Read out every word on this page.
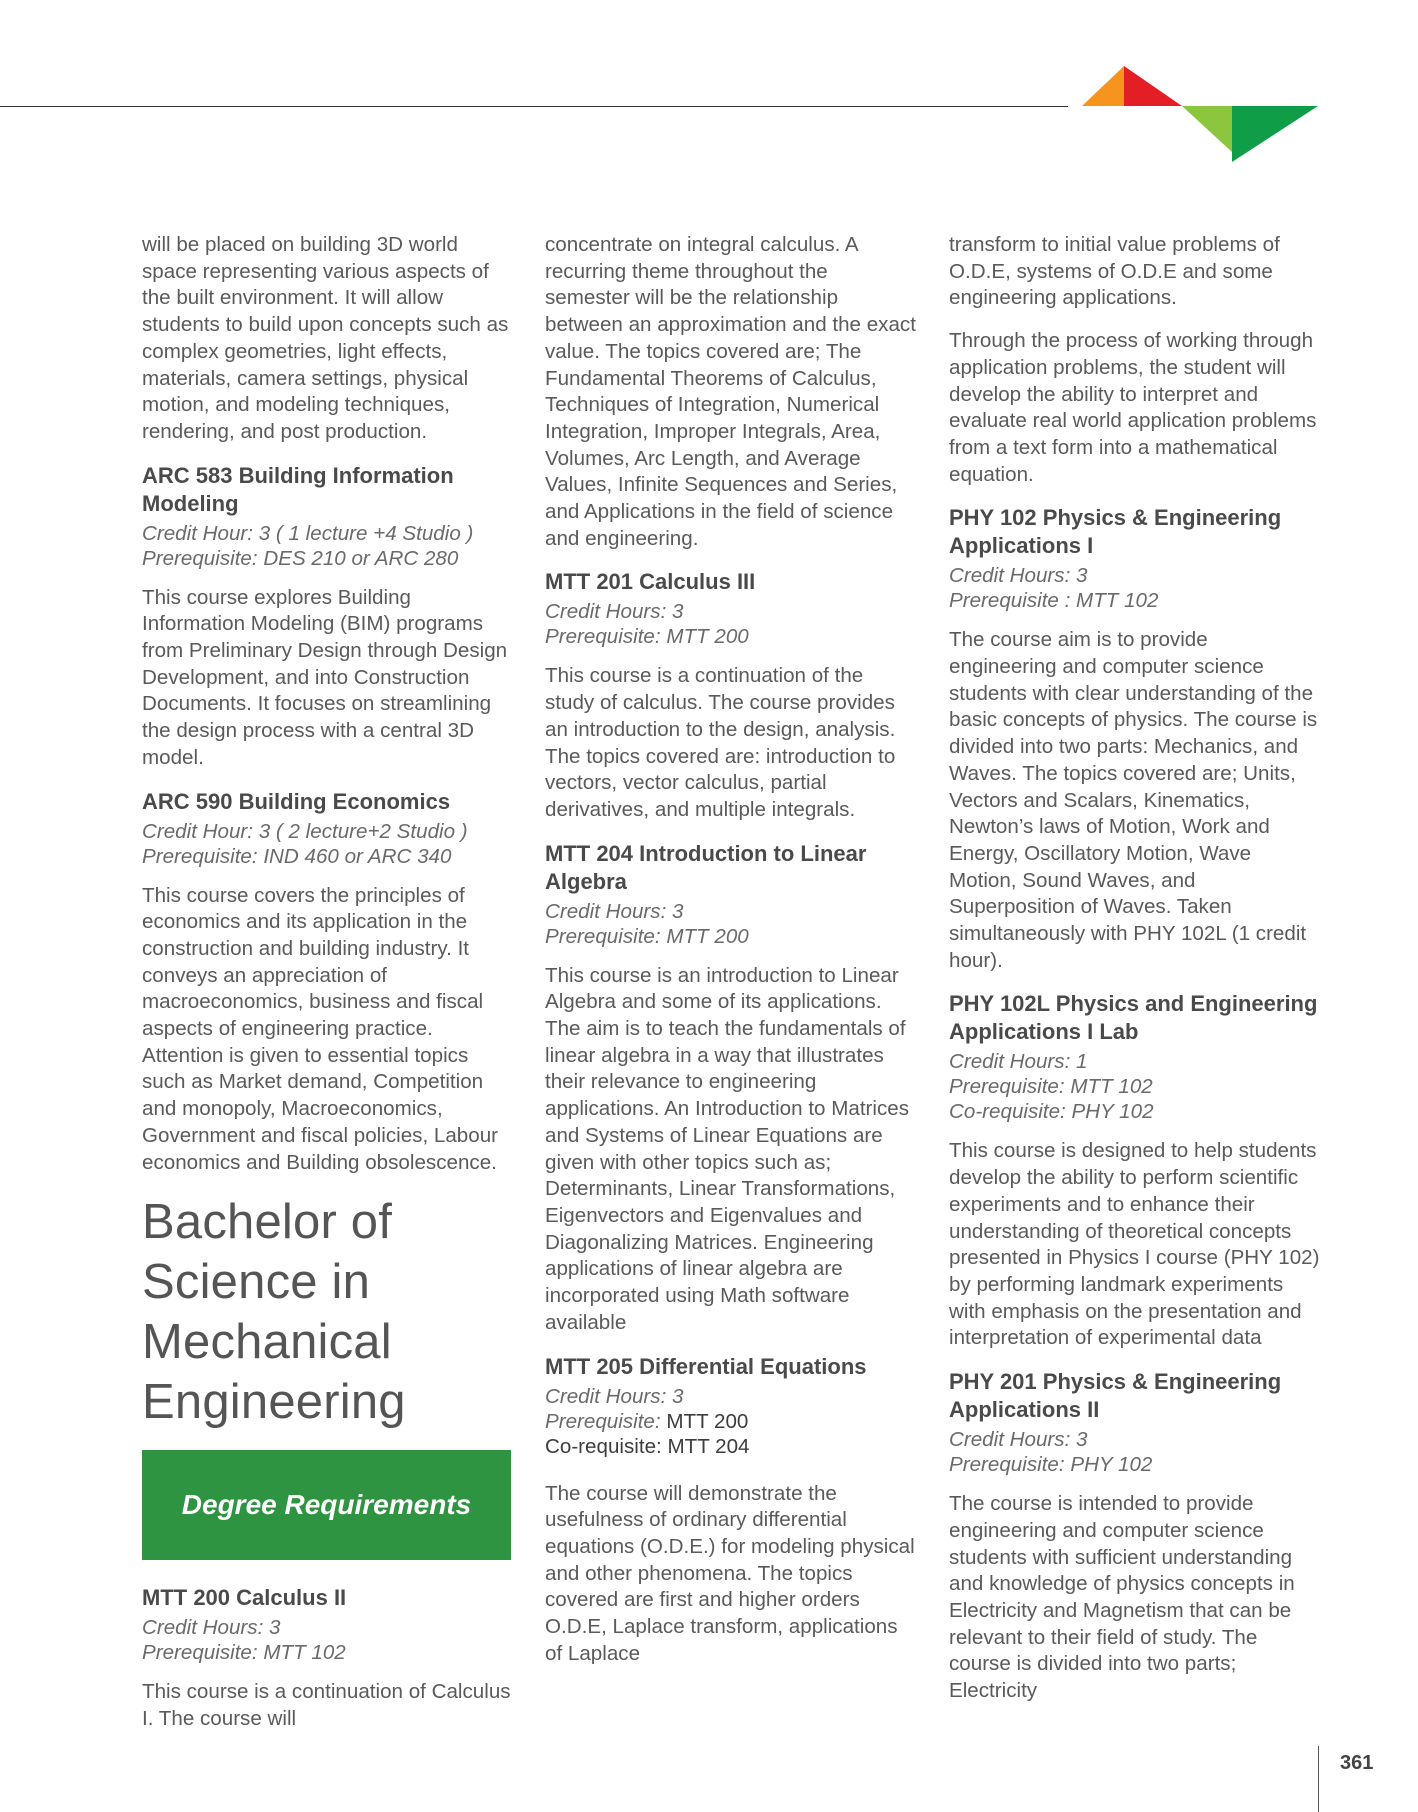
will be placed on building 3D world space representing various aspects of the built environment. It will allow students to build upon concepts such as complex geometries, light effects, materials, camera settings, physical motion, and modeling techniques, rendering, and post production.

ARC 583 Building Information Modeling
Credit Hour: 3 ( 1 lecture +4 Studio )
Prerequisite: DES 210 or ARC 280

This course explores Building Information Modeling (BIM) programs from Preliminary Design through Design Development, and into Construction Documents. It focuses on streamlining the design process with a central 3D model.

ARC 590 Building Economics
Credit Hour: 3 ( 2 lecture+2 Studio )
Prerequisite: IND 460 or ARC 340

This course covers the principles of economics and its application in the construction and building industry. It conveys an appreciation of macroeconomics, business and fiscal aspects of engineering practice. Attention is given to essential topics such as Market demand, Competition and monopoly, Macroeconomics, Government and fiscal policies, Labour economics and Building obsolescence.

Bachelor of Science in Mechanical Engineering
Degree Requirements
MTT 200 Calculus II
Credit Hours: 3
Prerequisite: MTT 102

This course is a continuation of Calculus I. The course will

concentrate on integral calculus. A recurring theme throughout the semester will be the relationship between an approximation and the exact value. The topics covered are; The Fundamental Theorems of Calculus, Techniques of Integration, Numerical Integration, Improper Integrals, Area, Volumes, Arc Length, and Average Values, Infinite Sequences and Series, and Applications in the field of science and engineering.

MTT 201 Calculus III
Credit Hours: 3
Prerequisite: MTT 200

This course is a continuation of the study of calculus. The course provides an introduction to the design, analysis. The topics covered are: introduction to vectors, vector calculus, partial derivatives, and multiple integrals.

MTT 204 Introduction to Linear Algebra
Credit Hours: 3
Prerequisite: MTT 200

This course is an introduction to Linear Algebra and some of its applications. The aim is to teach the fundamentals of linear algebra in a way that illustrates their relevance to engineering applications. An Introduction to Matrices and Systems of Linear Equations are given with other topics such as; Determinants, Linear Transformations, Eigenvectors and Eigenvalues and Diagonalizing Matrices. Engineering applications of linear algebra are incorporated using Math software available

MTT 205 Differential Equations
Credit Hours: 3
Prerequisite: MTT 200
Co-requisite: MTT 204

The course will demonstrate the usefulness of ordinary differential equations (O.D.E.) for modeling physical and other phenomena. The topics covered are first and higher orders O.D.E, Laplace transform, applications of Laplace

transform to initial value problems of O.D.E, systems of O.D.E and some engineering applications.

Through the process of working through application problems, the student will develop the ability to interpret and evaluate real world application problems from a text form into a mathematical equation.

PHY 102 Physics & Engineering Applications I
Credit Hours: 3
Prerequisite : MTT 102

The course aim is to provide engineering and computer science students with clear understanding of the basic concepts of physics. The course is divided into two parts: Mechanics, and Waves. The topics covered are; Units, Vectors and Scalars, Kinematics, Newton’s laws of Motion, Work and Energy, Oscillatory Motion, Wave Motion, Sound Waves, and Superposition of Waves. Taken simultaneously with PHY 102L (1 credit hour).

PHY 102L Physics and Engineering Applications I Lab
Credit Hours: 1
Prerequisite: MTT 102
Co-requisite: PHY 102

This course is designed to help students develop the ability to perform scientific experiments and to enhance their understanding of theoretical concepts presented in Physics I course (PHY 102) by performing landmark experiments with emphasis on the presentation and interpretation of experimental data

PHY 201 Physics & Engineering Applications II
Credit Hours: 3
Prerequisite: PHY 102

The course is intended to provide engineering and computer science students with sufficient understanding and knowledge of physics concepts in Electricity and Magnetism that can be relevant to their field of study. The course is divided into two parts; Electricity

361
